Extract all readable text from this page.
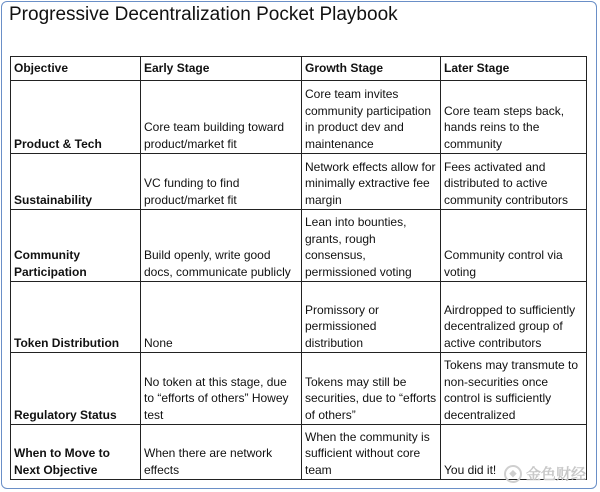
Progressive Decentralization Pocket Playbook
Objective	Early Stage	Growth Stage	Later Stage
Product & Tech	Core team building toward product/market fit	Core team invites community participation in product dev and maintenance	Core team steps back, hands reins to the community
Sustainability	VC funding to find product/market fit	Network effects allow for minimally extractive fee margin	Fees activated and distributed to active community contributors
Community Participation	Build openly, write good docs, communicate publicly	Lean into bounties, grants, rough consensus, permissioned voting	Community control via voting
Token Distribution	None	Promissory or permissioned distribution	Airdropped to sufficiently decentralized group of active contributors
Regulatory Status	No token at this stage, due to “efforts of others” Howey test	Tokens may still be securities, due to “efforts of others”	Tokens may transmute to non-securities once control is sufficiently decentralized
When to Move to Next Objective	When there are network effects	When the community is sufficient without core team	You did it!	◆ 金色财经
